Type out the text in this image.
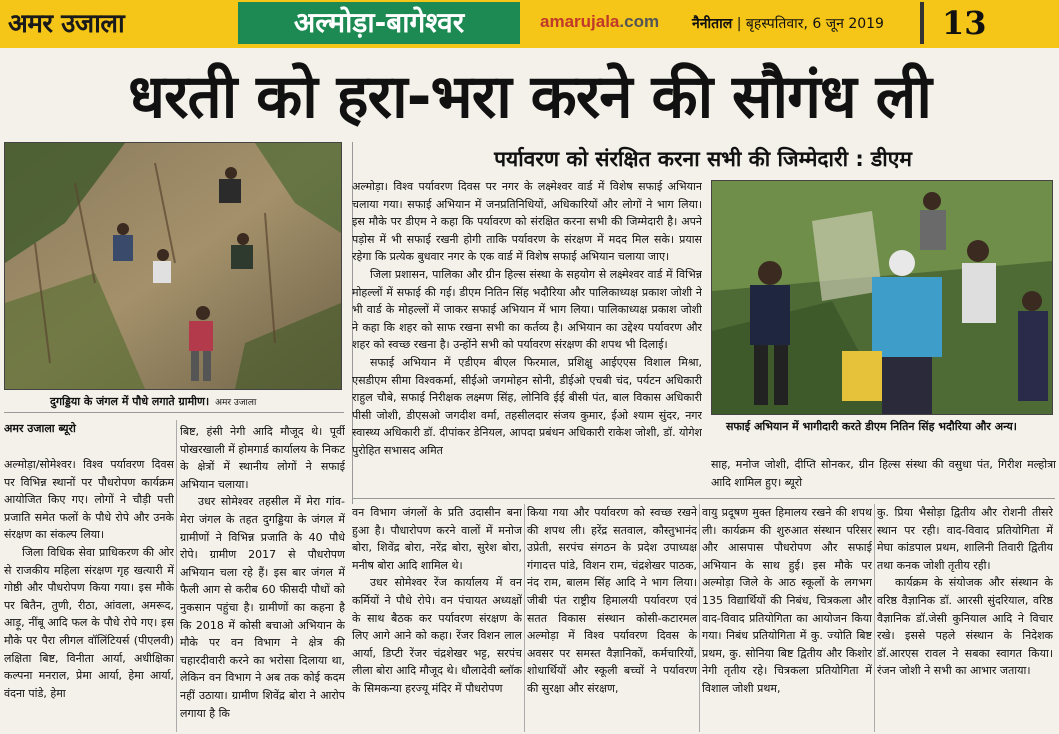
अमर उजाला	अल्मोड़ा-बागेश्वर	amarujala.com नैनीताल | बृहस्पतिवार, 6 जून 2019	13
धरती को हरा-भरा करने की सौगंध ली
दुगड्डिया के जंगल में पौधे लगाते ग्रामीण। अमर उजाला
सफाई अभियान में भागीदारी करते डीएम नितिन सिंह भदौरिया और अन्य।
पर्यावरण को संरक्षित करना सभी की जिम्मेदारी : डीएम

अल्मोड़ा। विश्व पर्यावरण दिवस पर नगर के लक्ष्मेश्वर वार्ड में विशेष सफाई अभियान चलाया गया। सफाई अभियान में जनप्रतिनिधियों, अधिकारियों और लोगों ने भाग लिया। इस मौके पर डीएम ने कहा कि पर्यावरण को संरक्षित करना सभी की जिम्मेदारी है। अपने पड़ोस में भी सफाई रखनी होगी ताकि पर्यावरण के संरक्षण में मदद मिल सके। प्रयास रहेगा कि प्रत्येक बुधवार नगर के एक वार्ड में विशेष सफाई अभियान चलाया जाए।

जिला प्रशासन, पालिका और ग्रीन हिल्स संस्था के सहयोग से लक्ष्मेश्वर वार्ड में विभिन्न मोहल्लों में सफाई की गई। डीएम नितिन सिंह भदौरिया और पालिकाध्यक्ष प्रकाश जोशी ने भी वार्ड के मोहल्लों में जाकर सफाई अभियान में भाग लिया। पालिकाध्यक्ष प्रकाश जोशी ने कहा कि शहर को साफ रखना सभी का कर्तव्य है। अभियान का उद्देश्य पर्यावरण और शहर को स्वच्छ रखना है। उन्होंने सभी को पर्यावरण संरक्षण की शपथ भी दिलाई।

सफाई अभियान में एडीएम बीएल फिरमाल, प्रशिक्षु आईएएस विशाल मिश्रा, एसडीएम सीमा विश्वकर्मा, सीईओ जगमोहन सोनी, डीईओ एचबी चंद, पर्यटन अधिकारी राहुल चौबे, सफाई निरीक्षक लक्ष्मण सिंह, लोनिवि ईई बीसी पंत, बाल विकास अधिकारी पीसी जोशी, डीएसओ जगदीश वर्मा, तहसीलदार संजय कुमार, ईओ श्याम सुंदर, नगर स्वास्थ्य अधिकारी डॉ. दीपांकर डेनियल, आपदा प्रबंधन अधिकारी राकेश जोशी, डॉ. योगेश पुरोहित सभासद अमित

साह, मनोज जोशी, दीप्ति सोनकर, ग्रीन हिल्स संस्था की वसुधा पंत, गिरीश मल्होत्रा आदि शामिल हुए। ब्यूरो

अमर उजाला ब्यूरो

अल्मोड़ा/सोमेश्वर। विश्व पर्यावरण दिवस पर विभिन्न स्थानों पर पौधरोपण कार्यक्रम आयोजित किए गए। लोगों ने चौड़ी पत्ती प्रजाति समेत फलों के पौधे रोपे और उनके संरक्षण का संकल्प लिया।

जिला विधिक सेवा प्राधिकरण की ओर से राजकीय महिला संरक्षण गृह खत्यारी में गोष्ठी और पौधरोपण किया गया। इस मौके पर बितैन, तुणी, रीठा, आंवला, अमरूद, आड़ू, नींबू आदि फल के पौधे रोपे गए। इस मौके पर पैरा लीगल वॉलिंटियर्स (पीएलवी) लक्षिता बिष्ट, विनीता आर्या, अधीक्षिका कल्पना मनराल, प्रेमा आर्या, हेमा आर्या, वंदना पांडे, हेमा

बिष्ट, हंसी नेगी आदि मौजूद थे। पूर्वी पोखरखाली में होमगार्ड कार्यालय के निकट के क्षेत्रों में स्थानीय लोगों ने सफाई अभियान चलाया।

उधर सोमेश्वर तहसील में मेरा गांव-मेरा जंगल के तहत दुगड्डिया के जंगल में ग्रामीणों ने विभिन्न प्रजाति के 40 पौधे रोपे। ग्रामीण 2017 से पौधरोपण अभियान चला रहे हैं। इस बार जंगल में फैली आग से करीब 60 फीसदी पौधों को नुकसान पहुंचा है। ग्रामीणों का कहना है कि 2018 में कोसी बचाओ अभियान के मौके पर वन विभाग ने क्षेत्र की चहारदीवारी करने का भरोसा दिलाया था, लेकिन वन विभाग ने अब तक कोई कदम नहीं उठाया। ग्रामीण शिवेंद्र बोरा ने आरोप लगाया है कि

वन विभाग जंगलों के प्रति उदासीन बना हुआ है। पौधारोपण करने वालों में मनोज बोरा, शिवेंद्र बोरा, नरेंद्र बोरा, सुरेश बोरा, मनीष बोरा आदि शामिल थे।

उधर सोमेश्वर रेंज कार्यालय में वन कर्मियों ने पौधे रोपे। वन पंचायत अध्यक्षों के साथ बैठक कर पर्यावरण संरक्षण के लिए आगे आने को कहा। रेंजर विशन लाल आर्या, डिप्टी रेंजर चंद्रशेखर भट्ट, सरपंच लीला बोरा आदि मौजूद थे। धौलादेवी ब्लॉक के सिमकन्या हरज्यू मंदिर में पौधरोपण

किया गया और पर्यावरण को स्वच्छ रखने की शपथ ली। हरेंद्र सतवाल, कौस्तुभानंद उप्रेती, सरपंच संगठन के प्रदेश उपाध्यक्ष गंगादत्त पांडे, विशन राम, चंद्रशेखर पाठक, नंद राम, बालम सिंह आदि ने भाग लिया। जीबी पंत राष्ट्रीय हिमालयी पर्यावरण एवं सतत विकास संस्थान कोसी-कटारमल अल्मोड़ा में विश्व पर्यावरण दिवस के अवसर पर समस्त वैज्ञानिकों, कर्मचारियों, शोधार्थियों और स्कूली बच्चों ने पर्यावरण की सुरक्षा और संरक्षण,

वायु प्रदूषण मुक्त हिमालय रखने की शपथ ली। कार्यक्रम की शुरुआत संस्थान परिसर और आसपास पौधरोपण और सफाई अभियान के साथ हुई। इस मौके पर अल्मोड़ा जिले के आठ स्कूलों के लगभग 135 विद्यार्थियों की निबंध, चित्रकला और वाद-विवाद प्रतियोगिता का आयोजन किया गया। निबंध प्रतियोगिता में कु. ज्योति बिष्ट प्रथम, कु. सोनिया बिष्ट द्वितीय और किशोर नेगी तृतीय रहे। चित्रकला प्रतियोगिता में विशाल जोशी प्रथम,

कु. प्रिया भैसोड़ा द्वितीय और रोशनी तीसरे स्थान पर रही। वाद-विवाद प्रतियोगिता में मेघा कांडपाल प्रथम, शालिनी तिवारी द्वितीय तथा कनक जोशी तृतीय रही।

कार्यक्रम के संयोजक और संस्थान के वरिष्ठ वैज्ञानिक डॉ. आरसी सुंदरियाल, वरिष्ठ वैज्ञानिक डॉ.जेसी कुनियाल आदि ने विचार रखे। इससे पहले संस्थान के निदेशक डॉ.आरएस रावल ने सबका स्वागत किया। रंजन जोशी ने सभी का आभार जताया।
